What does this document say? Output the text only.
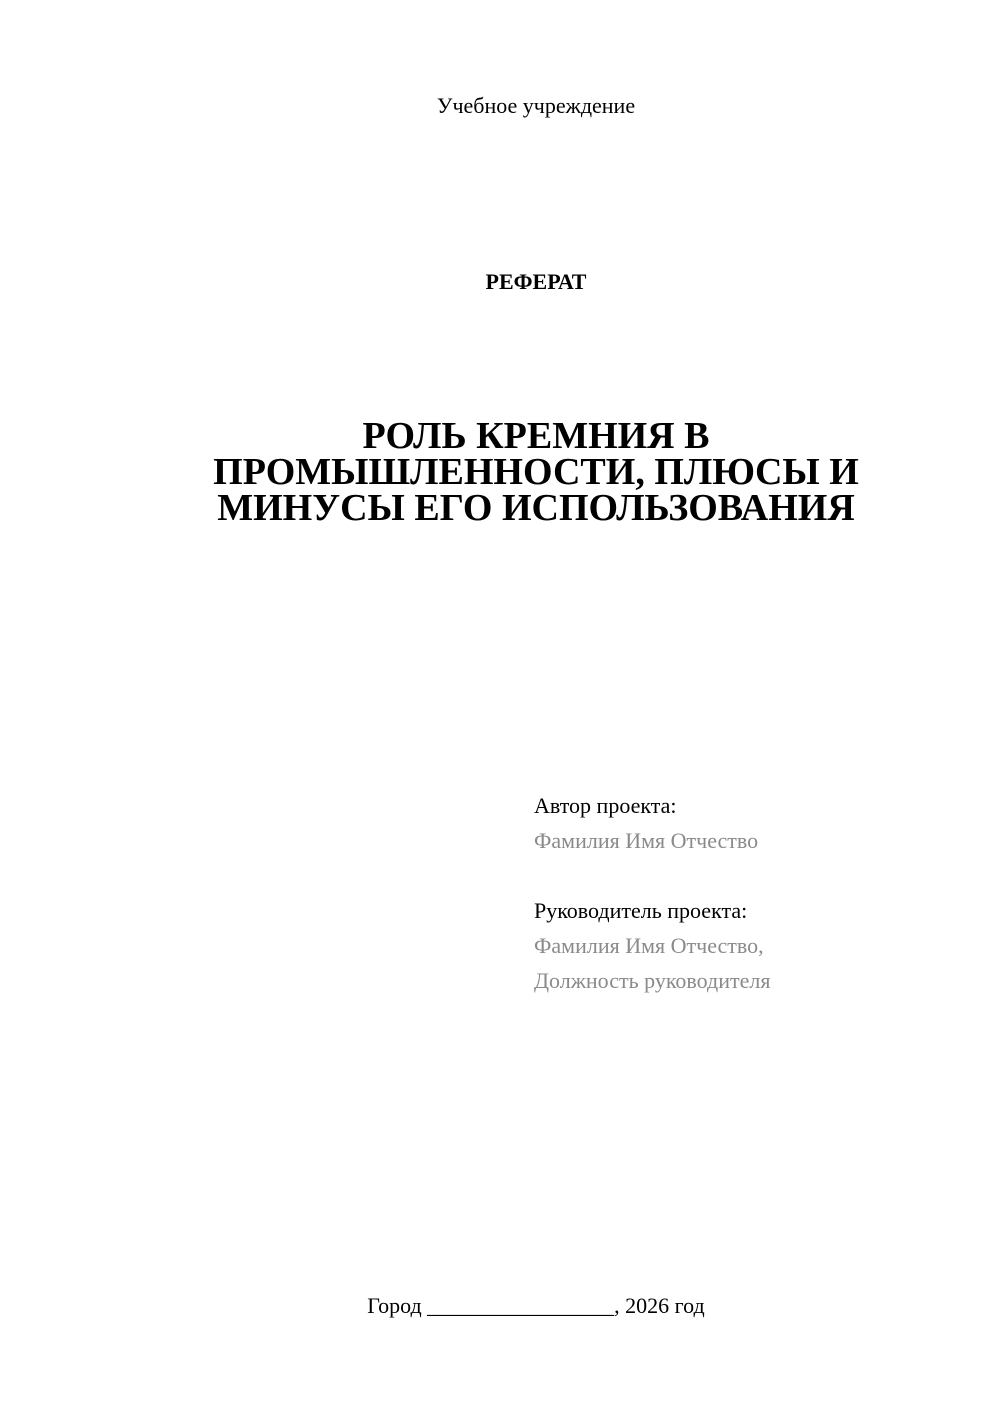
Учебное учреждение
РЕФЕРАТ
РОЛЬ КРЕМНИЯ В
ПРОМЫШЛЕННОСТИ, ПЛЮСЫ И
МИНУСЫ ЕГО ИСПОЛЬЗОВАНИЯ
Автор проекта:
Фамилия Имя Отчество
Руководитель проекта:
Фамилия Имя Отчество,
Должность руководителя
Город _________________, 2026 год
